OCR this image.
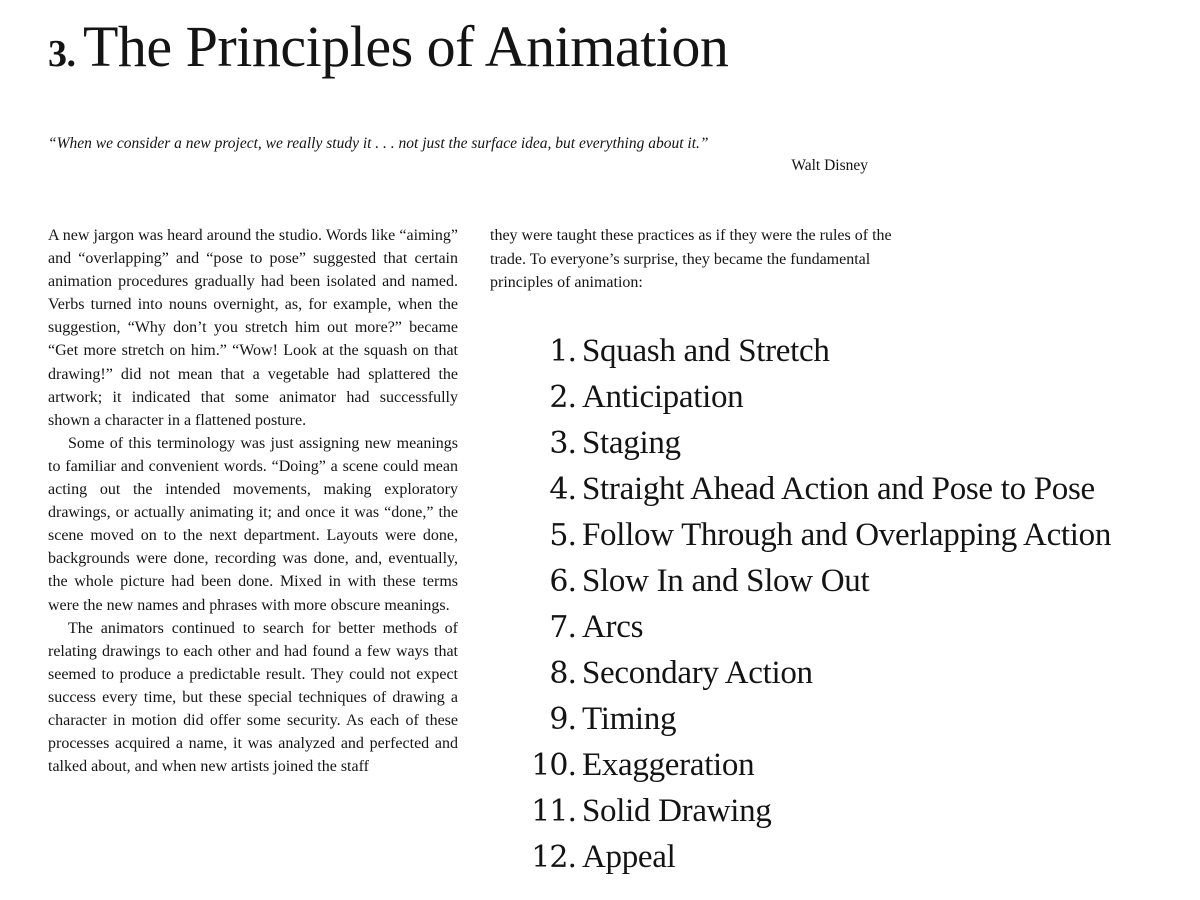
3. The Principles of Animation

“When we consider a new project, we really study it . . . not just the surface idea, but everything about it.”

Walt Disney

A new jargon was heard around the studio. Words like “aiming” and “overlapping” and “pose to pose” suggested that certain animation procedures gradually had been isolated and named. Verbs turned into nouns overnight, as, for example, when the suggestion, “Why don’t you stretch him out more?” became “Get more stretch on him.” “Wow! Look at the squash on that drawing!” did not mean that a vegetable had splattered the artwork; it indicated that some animator had successfully shown a character in a flattened posture.

Some of this terminology was just assigning new meanings to familiar and convenient words. “Doing” a scene could mean acting out the intended movements, making exploratory drawings, or actually animating it; and once it was “done,” the scene moved on to the next department. Layouts were done, backgrounds were done, recording was done, and, eventually, the whole picture had been done. Mixed in with these terms were the new names and phrases with more obscure meanings.

The animators continued to search for better methods of relating drawings to each other and had found a few ways that seemed to produce a predictable result. They could not expect success every time, but these special techniques of drawing a character in motion did offer some security. As each of these processes acquired a name, it was analyzed and perfected and talked about, and when new artists joined the staff

they were taught these practices as if they were the rules of the trade. To everyone’s surprise, they became the fundamental principles of animation:

1. Squash and Stretch
2. Anticipation
3. Staging
4. Straight Ahead Action and Pose to Pose
5. Follow Through and Overlapping Action
6. Slow In and Slow Out
7. Arcs
8. Secondary Action
9. Timing
10. Exaggeration
11. Solid Drawing
12. Appeal
